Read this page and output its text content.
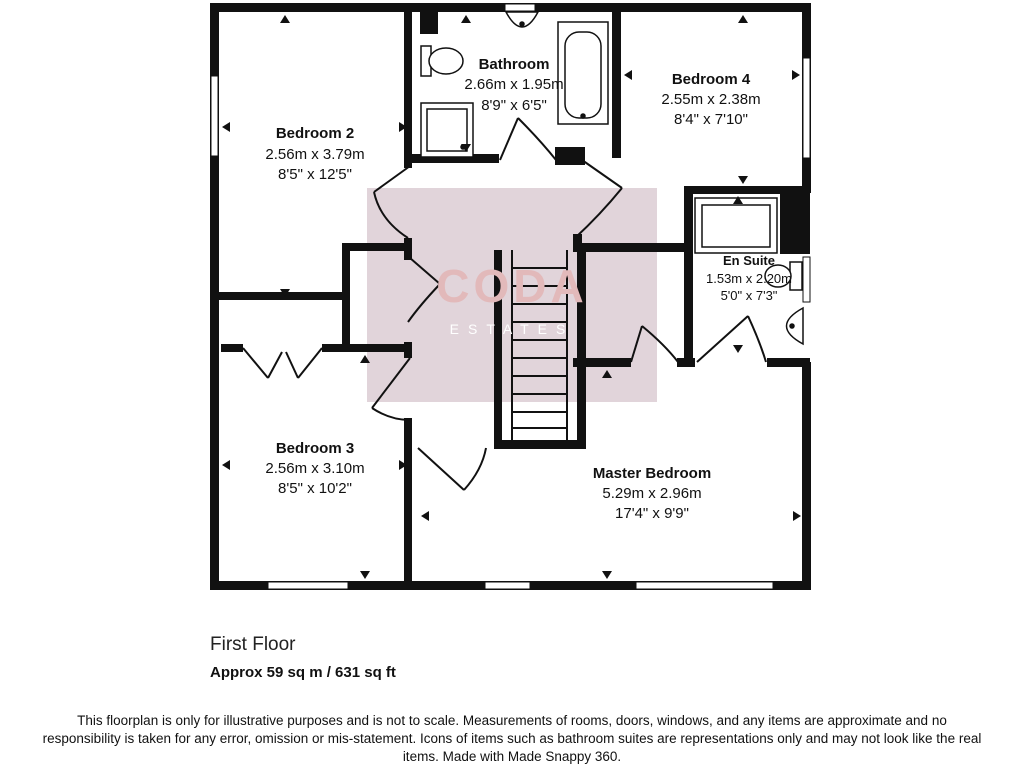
CODA
ESTATES
Bedroom 2
2.56m x 3.79m
8'5" x 12'5"
Bathroom
2.66m x 1.95m
8'9" x 6'5"
Bedroom 4
2.55m x 2.38m
8'4" x 7'10"
En Suite
1.53m x 2.20m
5'0" x 7'3"
Bedroom 3
2.56m x 3.10m
8'5" x 10'2"
Master Bedroom
5.29m x 2.96m
17'4" x 9'9"
First Floor
Approx 59 sq m / 631 sq ft
This floorplan is only for illustrative purposes and is not to scale. Measurements of rooms, doors, windows, and any items are approximate and no responsibility is taken for any error, omission or mis-statement. Icons of items such as bathroom suites are representations only and may not look like the real items. Made with Made Snappy 360.
